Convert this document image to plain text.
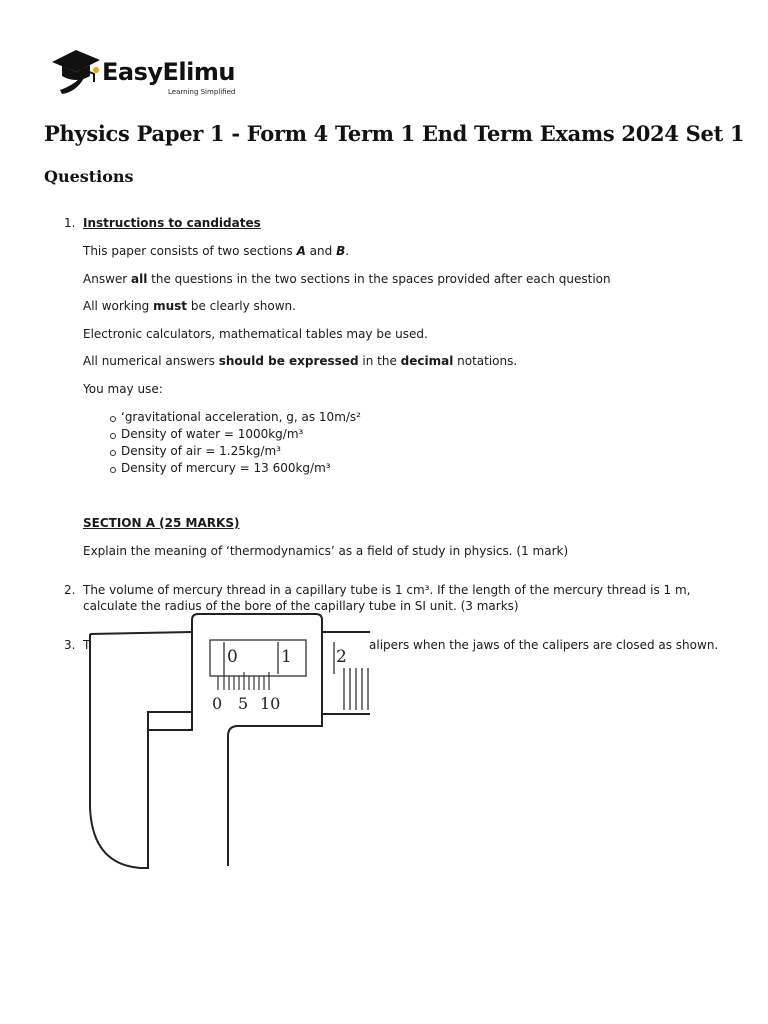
EasyElimu
Learning Simplified
Physics Paper 1 - Form 4 Term 1 End Term Exams 2024 Set 1
Questions
1. Instructions to candidates
This paper consists of two sections A and B.
Answer all the questions in the two sections in the spaces provided after each question
All working must be clearly shown.
Electronic calculators, mathematical tables may be used.
All numerical answers should be expressed in the decimal notations.
You may use:
‘gravitational acceleration, g, as 10m/s²
Density of water = 1000kg/m³
Density of air = 1.25kg/m³
Density of mercury = 13 600kg/m³
SECTION A (25 MARKS)
Explain the meaning of ‘thermodynamics’ as a field of study in physics. (1 mark)
2. The volume of mercury thread in a capillary tube is 1 cm³. If the length of the mercury thread is 1 m,
calculate the radius of the bore of the capillary tube in SI unit. (3 marks)
3. T	alipers when the jaws of the calipers are closed as shown.
0	1	2
0 5 10
